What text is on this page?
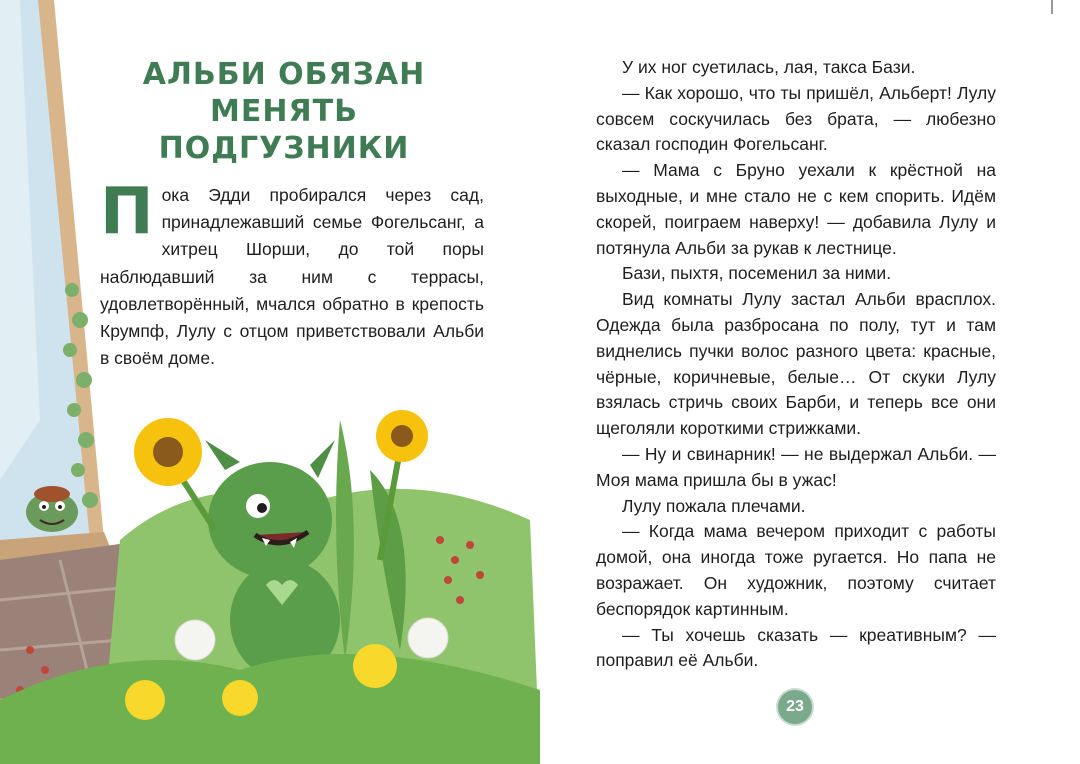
АЛЬБИ ОБЯЗАН
МЕНЯТЬ ПОДГУЗНИКИ

Пока Эдди пробирался через сад, принадлежавший семье Фогельсанг, а хитрец Шорши, до той поры наблюдавший за ним с террасы, удовлетворённый, мчался обратно в крепость Крумпф, Лулу с отцом приветствовали Альби в своём доме.

У их ног суетилась, лая, такса Бази.

— Как хорошо, что ты пришёл, Альберт! Лулу совсем соскучилась без брата, — любезно сказал господин Фогельсанг.

— Мама с Бруно уехали к крёстной на выходные, и мне стало не с кем спорить. Идём скорей, поиграем наверху! — добавила Лулу и потянула Альби за рукав к лестнице.

Бази, пыхтя, посеменил за ними.

Вид комнаты Лулу застал Альби врасплох. Одежда была разбросана по полу, тут и там виднелись пучки волос разного цвета: красные, чёрные, коричневые, белые… От скуки Лулу взялась стричь своих Барби, и теперь все они щеголяли короткими стрижками.

— Ну и свинарник! — не выдержал Альби. — Моя мама пришла бы в ужас!

Лулу пожала плечами.

— Когда мама вечером приходит с работы домой, она иногда тоже ругается. Но папа не возражает. Он художник, поэтому считает беспорядок картинным.

— Ты хочешь сказать — креативным? — поправил её Альби.

23
